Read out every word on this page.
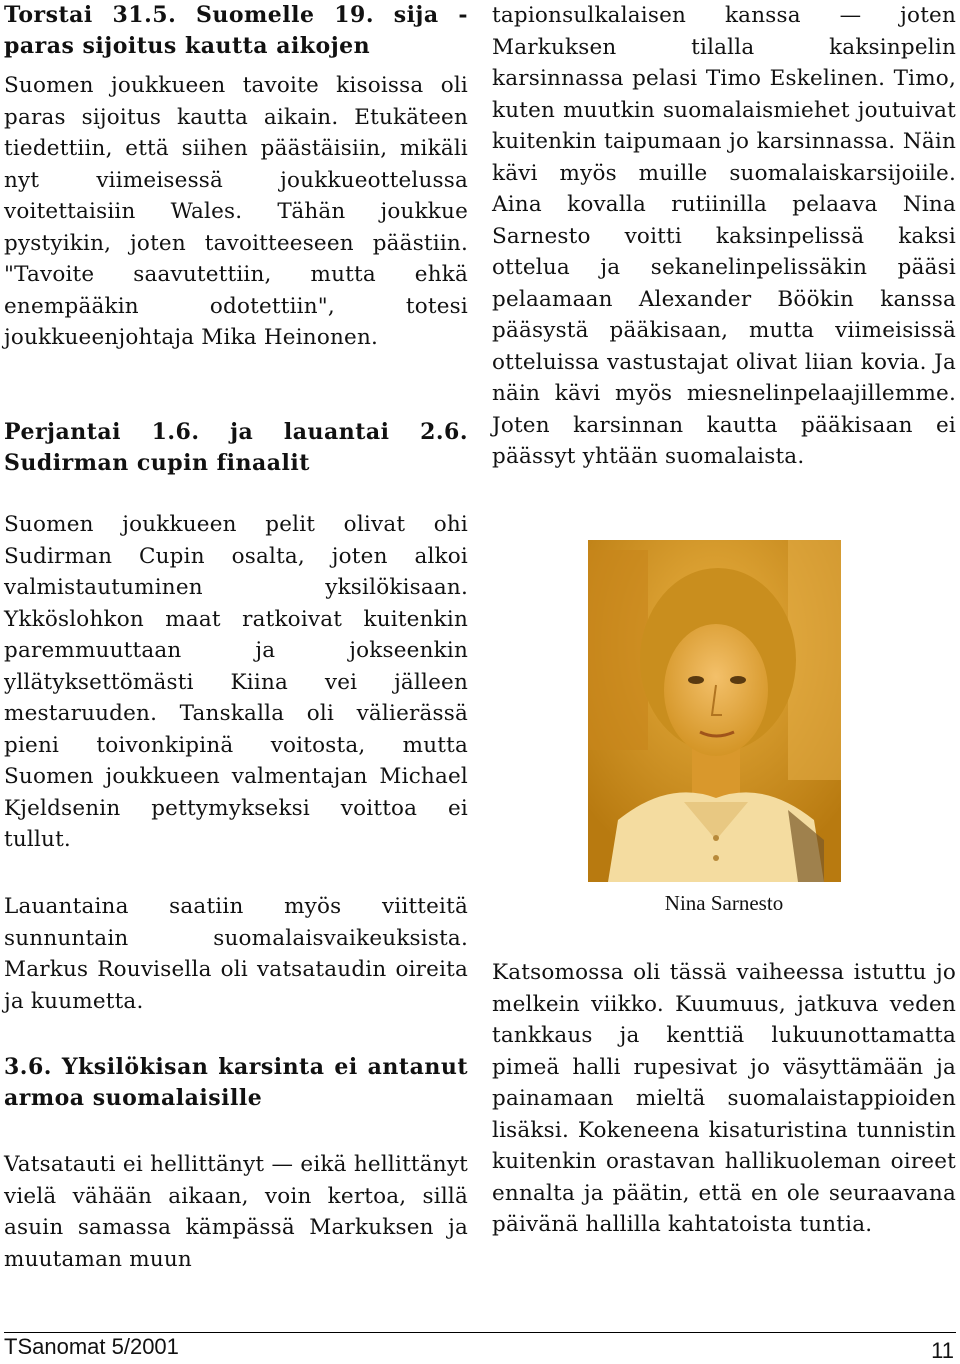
Torstai 31.5. Suomelle 19. sija - paras sijoitus kautta aikojen

Suomen joukkueen tavoite kisoissa oli paras sijoitus kautta aikain. Etukäteen tiedettiin, että siihen päästäisiin, mikäli nyt viimeisessä joukkueottelussa voitettaisiin Wales. Tähän joukkue pystyikin, joten tavoitteeseen päästiin. "Tavoite saavutettiin, mutta ehkä enempääkin odotettiin", totesi joukkueenjohtaja Mika Heinonen.

Perjantai 1.6. ja lauantai 2.6. Sudirman cupin finaalit

Suomen joukkueen pelit olivat ohi Sudirman Cupin osalta, joten alkoi valmistautuminen yksilökisaan. Ykköslohkon maat ratkoivat kuitenkin paremmuuttaan ja jokseenkin yllätyksettömästi Kiina vei jälleen mestaruuden. Tanskalla oli välierässä pieni toivonkipinä voitosta, mutta Suomen joukkueen valmentajan Michael Kjeldsenin pettymykseksi voittoa ei tullut.

Lauantaina saatiin myös viitteitä sunnuntain suomalaisvaikeuksista. Markus Rouvisella oli vatsataudin oireita ja kuumetta.

3.6. Yksilökisan karsinta ei antanut armoa suomalaisille

Vatsatauti ei hellittänyt — eikä hellittänyt vielä vähään aikaan, voin kertoa, sillä asuin samassa kämpässä Markuksen ja muutaman muun

tapionsulkalaisen kanssa — joten Markuksen tilalla kaksinpelin karsinnassa pelasi Timo Eskelinen. Timo, kuten muutkin suomalaismiehet joutuivat kuitenkin taipumaan jo karsinnassa. Näin kävi myös muille suomalaiskarsijoiile. Aina kovalla rutiinilla pelaava Nina Sarnesto voitti kaksinpelissä kaksi ottelua ja sekanelinpelissäkin pääsi pelaamaan Alexander Böökin kanssa pääsystä pääkisaan, mutta viimeisissä otteluissa vastustajat olivat liian kovia. Ja näin kävi myös miesnelinpelaajillemme. Joten karsinnan kautta pääkisaan ei päässyt yhtään suomalaista.

Nina Sarnesto

Katsomossa oli tässä vaiheessa istuttu jo melkein viikko. Kuumuus, jatkuva veden tankkaus ja kenttiä lukuunottamatta pimeä halli rupesivat jo väsyttämään ja painamaan mieltä suomalaistappioiden lisäksi. Kokeneena kisaturistina tunnistin kuitenkin orastavan hallikuoleman oireet ennalta ja päätin, että en ole seuraavana päivänä hallilla kahtatoista tuntia.

TSanomat 5/2001	11
